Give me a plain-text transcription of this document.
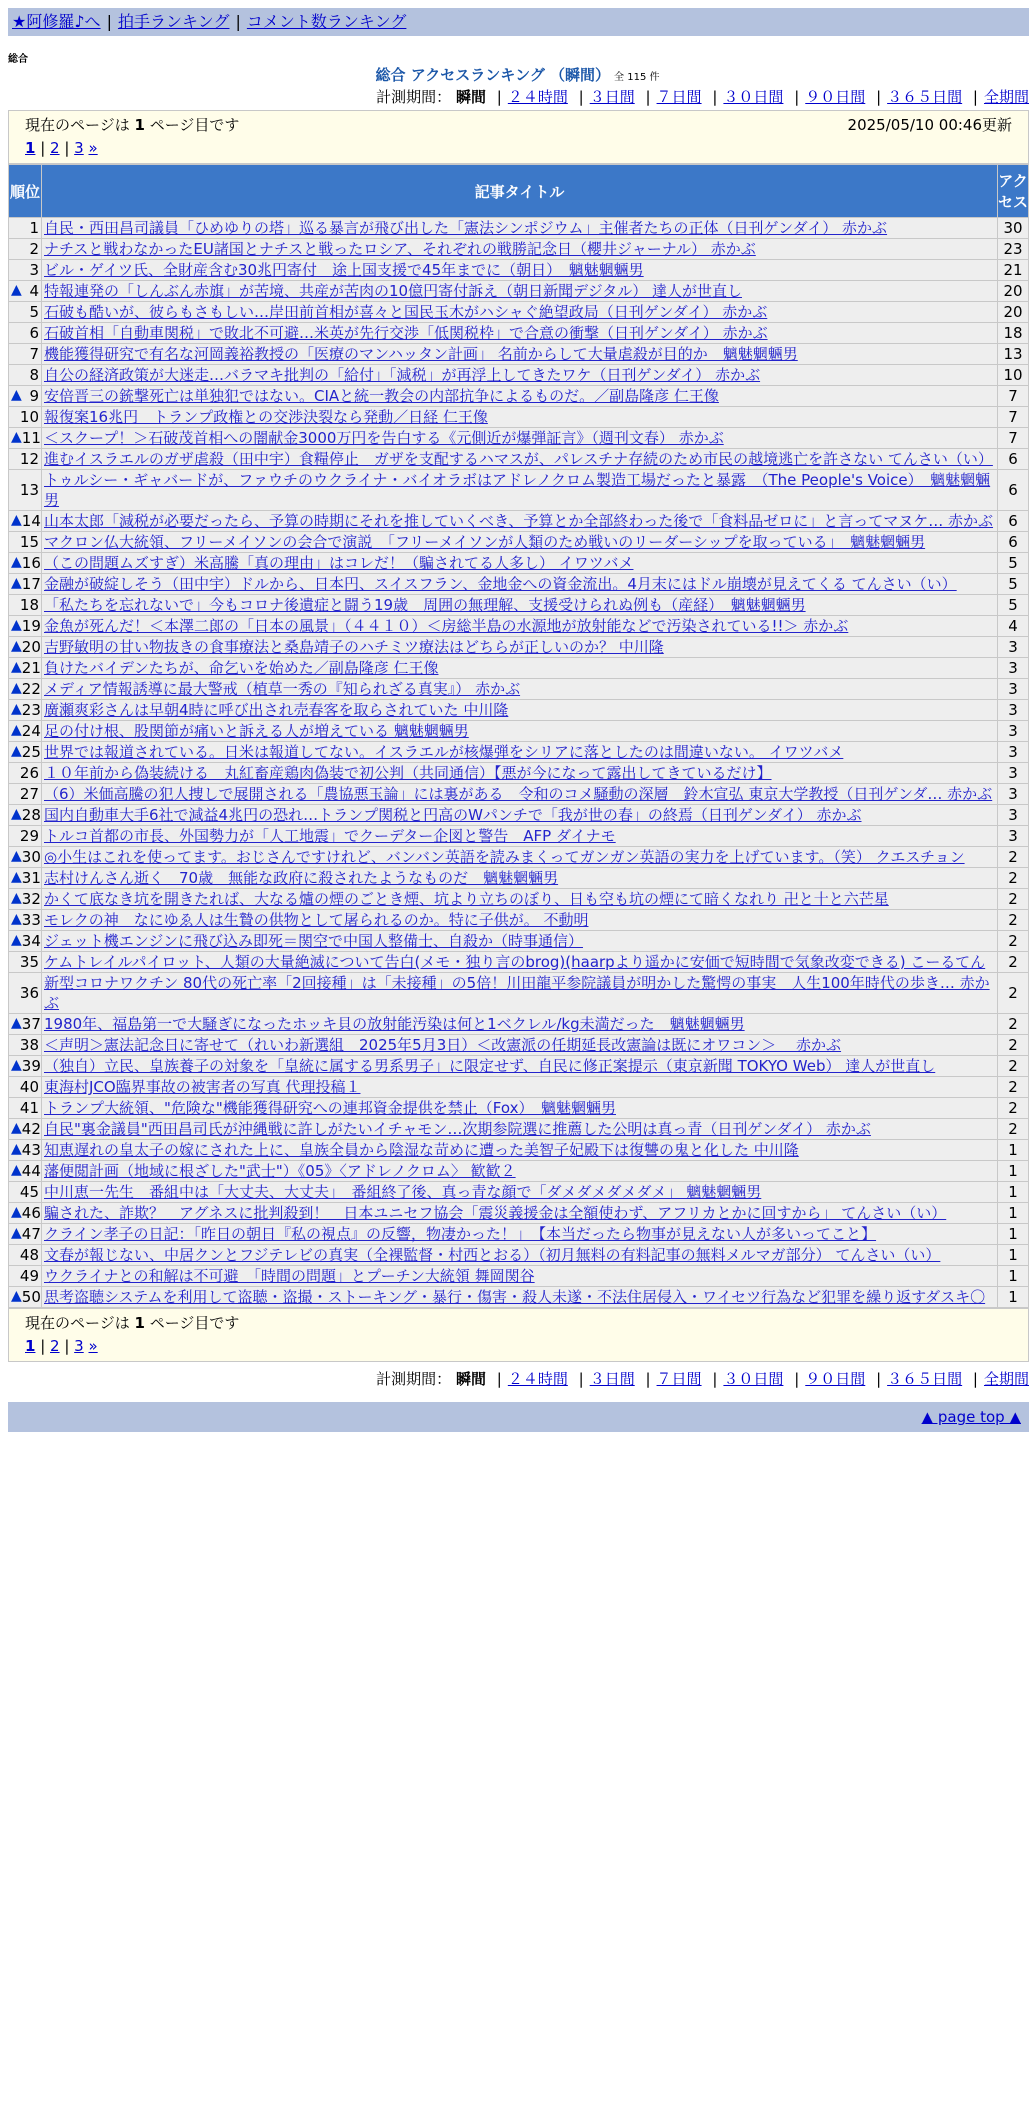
★阿修羅♪へ | 拍手ランキング | コメント数ランキング
総合
総合 アクセスランキング （瞬間） 全 115 件
計測期間： 瞬間 | ２４時間 | ３日間 | ７日間 | ３０日間 | ９０日間 | ３６５日間 | 全期間
現在のページは 1 ページ目です	2025/05/10 00:46更新
1 | 2 | 3 »
順位	記事タイトル	アクセス
1	自民・西田昌司議員「ひめゆりの塔」巡る暴言が飛び出した「憲法シンポジウム」主催者たちの正体（日刊ゲンダイ） 赤かぶ	30
2	ナチスと戦わなかったEU諸国とナチスと戦ったロシア、それぞれの戦勝記念日（櫻井ジャーナル） 赤かぶ	23
3	ビル・ゲイツ氏、全財産含む30兆円寄付　途上国支援で45年までに（朝日）　魑魅魍魎男	21

▲ 4	特報連発の「しんぶん赤旗」が苦境、共産が苦肉の10億円寄付訴え（朝日新聞デジタル） 達人が世直し	20
5	石破も酷いが、彼らもさもしい…岸田前首相が喜々と国民玉木がハシャぐ絶望政局（日刊ゲンダイ） 赤かぶ	20
6	石破首相「自動車関税」で敗北不可避…米英が先行交渉「低関税枠」で合意の衝撃（日刊ゲンダイ） 赤かぶ	18
7	機能獲得研究で有名な河岡義裕教授の「医療のマンハッタン計画」 名前からして大量虐殺が目的か　魑魅魍魎男	13
8	自公の経済政策が大迷走…バラマキ批判の「給付」「減税」が再浮上してきたワケ（日刊ゲンダイ） 赤かぶ	10

▲ 9	安倍晋三の銃撃死亡は単独犯ではない。CIAと統一教会の内部抗争によるものだ。／副島隆彦 仁王像	7
10	報復案16兆円　トランプ政権との交渉決裂なら発動／日経 仁王像	7

▲ 11	＜スクープ！＞石破茂首相への闇献金3000万円を告白する《元側近が爆弾証言》（週刊文春） 赤かぶ	7
12	進むイスラエルのガザ虐殺（田中宇）食糧停止　ガザを支配するハマスが、パレスチナ存続のため市民の越境逃亡を許さない てんさい（い）	6
13	トゥルシー・ギャバードが、ファウチのウクライナ・バイオラボはアドレノクロム製造工場だったと暴露　（The People's Voice）　魑魅魍魎男	6

▲ 14	山本太郎「減税が必要だったら、予算の時期にそれを推していくべき、予算とか全部終わった後で「食料品ゼロに」と言ってマヌケ… 赤かぶ	6
15	マクロン仏大統領、フリーメイソンの会合で演説　「フリーメイソンが人類のため戦いのリーダーシップを取っている」　魑魅魍魎男	6

▲ 16	（この問題ムズすぎ）米高騰「真の理由」はコレだ！（騙されてる人多し） イワツバメ	5

▲ 17	金融が破綻しそう（田中宇）ドルから、日本円、スイスフラン、金地金への資金流出。4月末にはドル崩壊が見えてくる てんさい（い）	5
18	「私たちを忘れないで」今もコロナ後遺症と闘う19歳　周囲の無理解、支援受けられぬ例も（産経）　魑魅魍魎男	5

▲ 19	金魚が死んだ！＜本澤二郎の「日本の風景」（４４１０）＜房総半島の水源地が放射能などで汚染されている!!＞ 赤かぶ	4

▲ 20	吉野敏明の甘い物抜きの食事療法と桑島靖子のハチミツ療法はどちらが正しいのか？ 中川隆	3

▲ 21	負けたバイデンたちが、命乞いを始めた／副島隆彦 仁王像	3

▲ 22	メディア情報誘導に最大警戒（植草一秀の『知られざる真実』） 赤かぶ	3

▲ 23	廣瀬爽彩さんは早朝4時に呼び出され売春客を取らされていた 中川隆	3

▲ 24	足の付け根、股関節が痛いと訴える人が増えている 魑魅魍魎男	3

▲ 25	世界では報道されている。日米は報道してない。イスラエルが核爆弾をシリアに落としたのは間違いない。 イワツバメ	3
26	１０年前から偽装続ける　丸紅畜産鶏肉偽装で初公判（共同通信）【悪が今になって露出してきているだけ】	3
27	（6）米価高騰の犯人捜しで展開される「農協悪玉論」には裏がある　令和のコメ騒動の深層　鈴木宣弘 東京大学教授（日刊ゲンダ… 赤かぶ	3

▲ 28	国内自動車大手6社で減益4兆円の恐れ…トランプ関税と円高のWパンチで「我が世の春」の終焉（日刊ゲンダイ） 赤かぶ	3
29	トルコ首都の市長、外国勢力が「人工地震」でクーデター企図と警告　AFP ダイナモ	3

▲ 30	◎小生はこれを使ってます。おじさんですけれど、バンバン英語を読みまくってガンガン英語の実力を上げています。（笑） クエスチョン	2

▲ 31	志村けんさん逝く　70歳　無能な政府に殺されたようなものだ　魑魅魍魎男	2

▲ 32	かくて底なき坑を開きたれば、大なる爐の煙のごとき煙、坑より立ちのぼり、日も空も坑の煙にて暗くなれり 卍と十と六芒星	2

▲ 33	モレクの神　なにゆゑ人は生贄の供物として屠られるのか。特に子供が。 不動明	2

▲ 34	ジェット機エンジンに飛び込み即死＝関空で中国人整備士、自殺か（時事通信）	2
35	ケムトレイルパイロット、人類の大量絶滅について告白(メモ・独り言のbrog)(haarpより遥かに安価で短時間で気象改変できる) こーるてん	2
36	新型コロナワクチン 80代の死亡率「2回接種」は「未接種」の5倍！川田龍平参院議員が明かした驚愕の事実　人生100年時代の歩き… 赤かぶ	2

▲ 37	1980年、福島第一で大騒ぎになったホッキ貝の放射能汚染は何と1ベクレル/kg未満だった　魑魅魍魎男	2
38	＜声明＞憲法記念日に寄せて（れいわ新選組　2025年5月3日）＜改憲派の任期延長改憲論は既にオワコン＞　 赤かぶ	2

▲ 39	（独自）立民、皇族養子の対象を「皇統に属する男系男子」に限定せず、自民に修正案提示（東京新聞 TOKYO Web） 達人が世直し	2
40	東海村JCO臨界事故の被害者の写真 代理投稿１	2
41	トランプ大統領、"危険な"機能獲得研究への連邦資金提供を禁止（Fox）　魑魅魍魎男	2

▲ 42	自民"裏金議員"西田昌司氏が沖縄戦に許しがたいイチャモン…次期参院選に推薦した公明は真っ青（日刊ゲンダイ） 赤かぶ	2

▲ 43	知恵遅れの皇太子の嫁にされた上に、皇族全員から陰湿な苛めに遭った美智子妃殿下は復讐の鬼と化した 中川隆	1

▲ 44	藩便閲計画（地域に根ざした"武士"）《05》〈アドレノクロム〉 歓歓２	1
45	中川恵一先生　番組中は「大丈夫、大丈夫」　番組終了後、真っ青な顔で「ダメダメダメダメ」 魑魅魍魎男	1

▲ 46	騙された、詐欺？　アグネスに批判殺到！　日本ユニセフ協会「震災義援金は全額使わず、アフリカとかに回すから」 てんさい（い）	1

▲ 47	クライン孝子の日記：「昨日の朝日『私の視点』の反響，物凄かった！」　【本当だったら物事が見えない人が多いってこと】	1
48	文春が報じない、中居クンとフジテレビの真実（全裸監督・村西とおる）（初月無料の有料記事の無料メルマガ部分） てんさい（い）	1
49	ウクライナとの和解は不可避　「時間の問題」とプーチン大統領 舞岡関谷	1

▲ 50	思考盗聴システムを利用して盗聴・盗撮・ストーキング・暴行・傷害・殺人未遂・不法住居侵入・ワイセツ行為など犯罪を繰り返すダスキ〇	1
現在のページは 1 ページ目です
1 | 2 | 3 »
計測期間： 瞬間 | ２４時間 | ３日間 | ７日間 | ３０日間 | ９０日間 | ３６５日間 | 全期間
▲ page top ▲
